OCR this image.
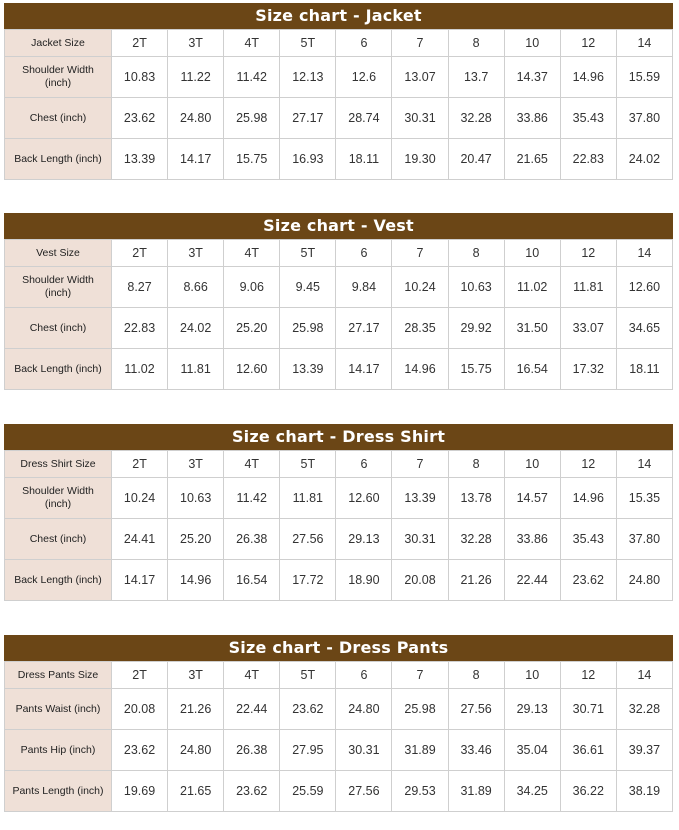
Size chart - Jacket
Jacket Size	2T	3T	4T	5T	6	7	8	10	12	14
Shoulder Width (inch)	10.83	11.22	11.42	12.13	12.6	13.07	13.7	14.37	14.96	15.59
Chest (inch)	23.62	24.80	25.98	27.17	28.74	30.31	32.28	33.86	35.43	37.80
Back Length (inch)	13.39	14.17	15.75	16.93	18.11	19.30	20.47	21.65	22.83	24.02
Size chart - Vest
Vest Size	2T	3T	4T	5T	6	7	8	10	12	14
Shoulder Width (inch)	8.27	8.66	9.06	9.45	9.84	10.24	10.63	11.02	11.81	12.60
Chest (inch)	22.83	24.02	25.20	25.98	27.17	28.35	29.92	31.50	33.07	34.65
Back Length (inch)	11.02	11.81	12.60	13.39	14.17	14.96	15.75	16.54	17.32	18.11
Size chart - Dress Shirt
Dress Shirt Size	2T	3T	4T	5T	6	7	8	10	12	14
Shoulder Width (inch)	10.24	10.63	11.42	11.81	12.60	13.39	13.78	14.57	14.96	15.35
Chest (inch)	24.41	25.20	26.38	27.56	29.13	30.31	32.28	33.86	35.43	37.80
Back Length (inch)	14.17	14.96	16.54	17.72	18.90	20.08	21.26	22.44	23.62	24.80
Size chart - Dress Pants
Dress Pants Size	2T	3T	4T	5T	6	7	8	10	12	14
Pants Waist (inch)	20.08	21.26	22.44	23.62	24.80	25.98	27.56	29.13	30.71	32.28
Pants Hip (inch)	23.62	24.80	26.38	27.95	30.31	31.89	33.46	35.04	36.61	39.37
Pants Length (inch)	19.69	21.65	23.62	25.59	27.56	29.53	31.89	34.25	36.22	38.19
